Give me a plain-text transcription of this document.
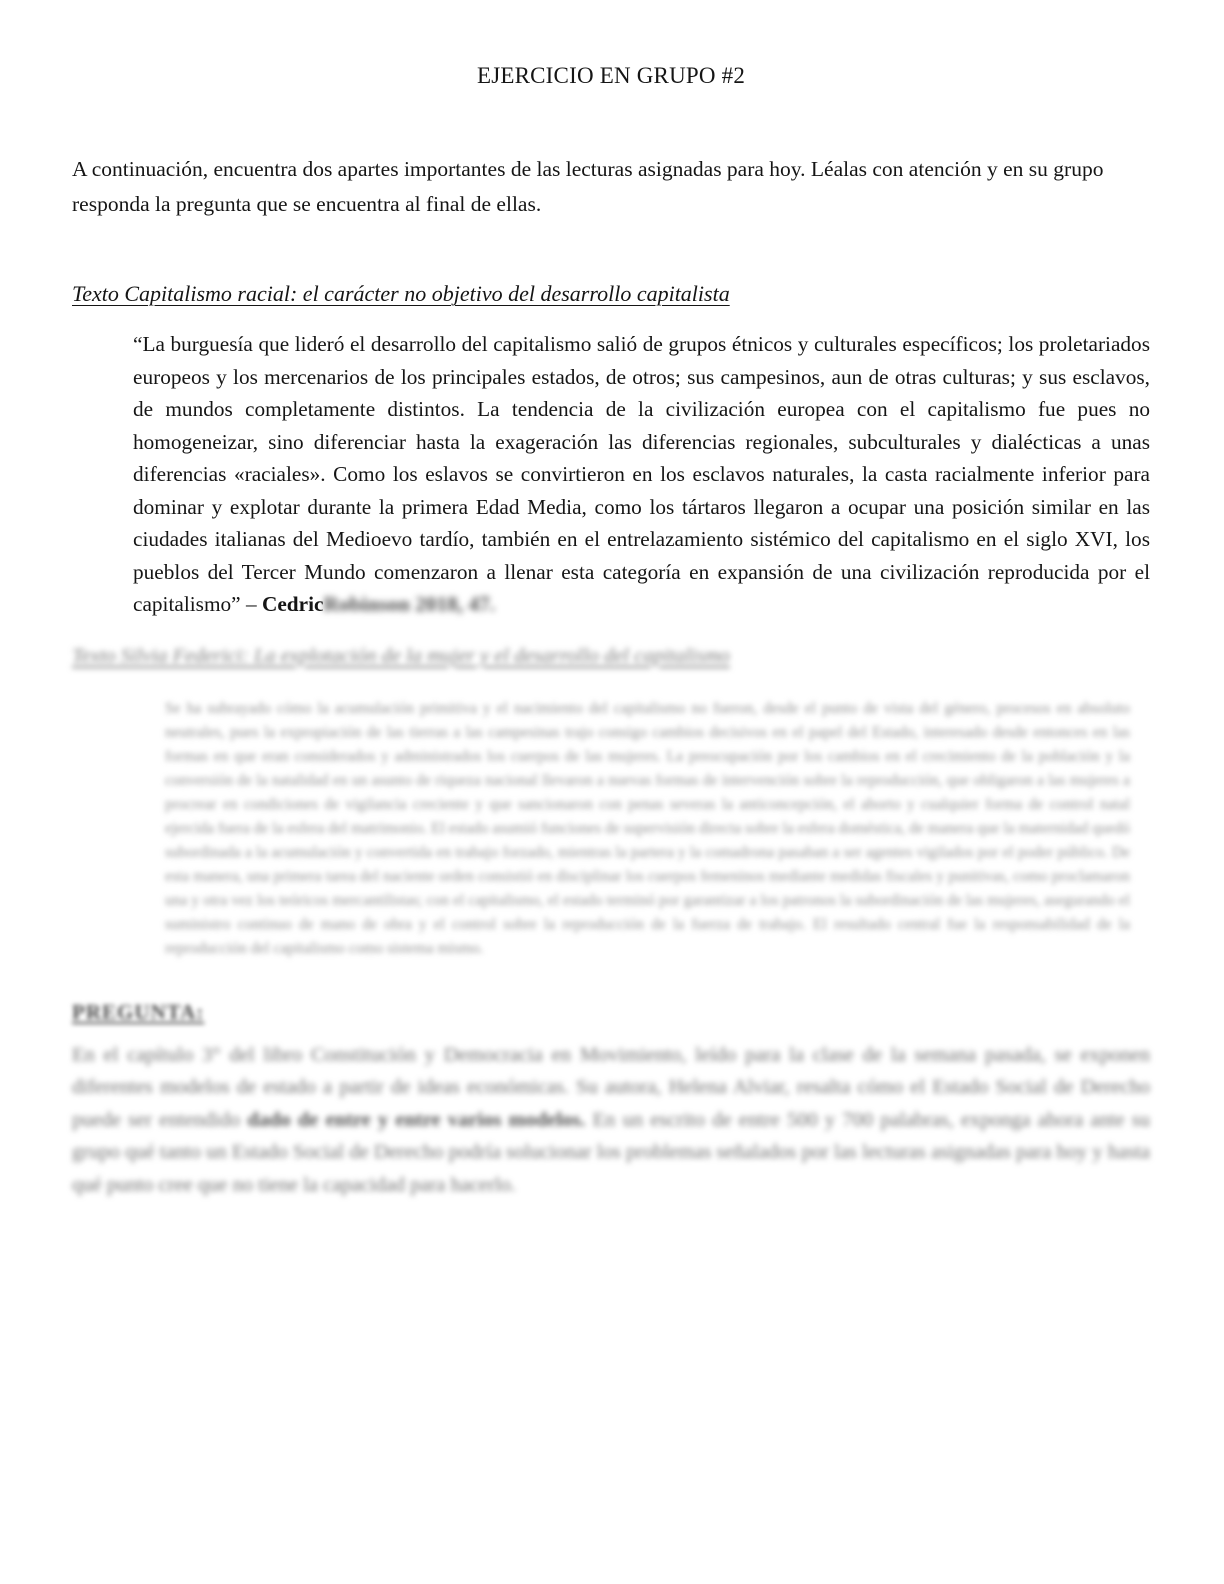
EJERCICIO EN GRUPO #2

A continuación, encuentra dos apartes importantes de las lecturas asignadas para hoy. Léalas con atención y en su grupo responda la pregunta que se encuentra al final de ellas.

Texto Capitalismo racial: el carácter no objetivo del desarrollo capitalista

“La burguesía que lideró el desarrollo del capitalismo salió de grupos étnicos y culturales específicos; los proletariados europeos y los mercenarios de los principales estados, de otros; sus campesinos, aun de otras culturas; y sus esclavos, de mundos completamente distintos. La tendencia de la civilización europea con el capitalismo fue pues no homogeneizar, sino diferenciar hasta la exageración las diferencias regionales, subculturales y dialécticas a unas diferencias «raciales». Como los eslavos se convirtieron en los esclavos naturales, la casta racialmente inferior para dominar y explotar durante la primera Edad Media, como los tártaros llegaron a ocupar una posición similar en las ciudades italianas del Medioevo tardío, también en el entrelazamiento sistémico del capitalismo en el siglo XVI, los pueblos del Tercer Mundo comenzaron a llenar esta categoría en expansión de una civilización reproducida por el capitalismo” – CedricRobinson 2018, 47.

Texto Silvia Federici: La explotación de la mujer y el desarrollo del capitalismo

Se ha subrayado cómo la acumulación primitiva y el nacimiento del capitalismo no fueron, desde el punto de vista del género, procesos en absoluto neutrales, pues la expropiación de las tierras a las campesinas trajo consigo cambios decisivos en el papel del Estado, interesado desde entonces en las formas en que eran considerados y administrados los cuerpos de las mujeres. La preocupación por los cambios en el crecimiento de la población y la conversión de la natalidad en un asunto de riqueza nacional llevaron a nuevas formas de intervención sobre la reproducción, que obligaron a las mujeres a procrear en condiciones de vigilancia creciente y que sancionaron con penas severas la anticoncepción, el aborto y cualquier forma de control natal ejercida fuera de la esfera del matrimonio. El estado asumió funciones de supervisión directa sobre la esfera doméstica, de manera que la maternidad quedó subordinada a la acumulación y convertida en trabajo forzado, mientras la partera y la comadrona pasaban a ser agentes vigilados por el poder público. De esta manera, una primera tarea del naciente orden consistió en disciplinar los cuerpos femeninos mediante medidas fiscales y punitivas, como proclamaron una y otra vez los teóricos mercantilistas; con el capitalismo, el estado terminó por garantizar a los patronos la subordinación de las mujeres, asegurando el suministro continuo de mano de obra y el control sobre la reproducción de la fuerza de trabajo. El resultado central fue la responsabilidad de la reproducción del capitalismo como sistema mismo.

PREGUNTA:

En el capítulo 3° del libro Constitución y Democracia en Movimiento, leído para la clase de la semana pasada, se exponen diferentes modelos de estado a partir de ideas económicas. Su autora, Helena Alviar, resalta cómo el Estado Social de Derecho puede ser entendido dado de entre y entre varios modelos. En un escrito de entre 500 y 700 palabras, exponga ahora ante su grupo qué tanto un Estado Social de Derecho podría solucionar los problemas señalados por las lecturas asignadas para hoy y hasta qué punto cree que no tiene la capacidad para hacerlo.
